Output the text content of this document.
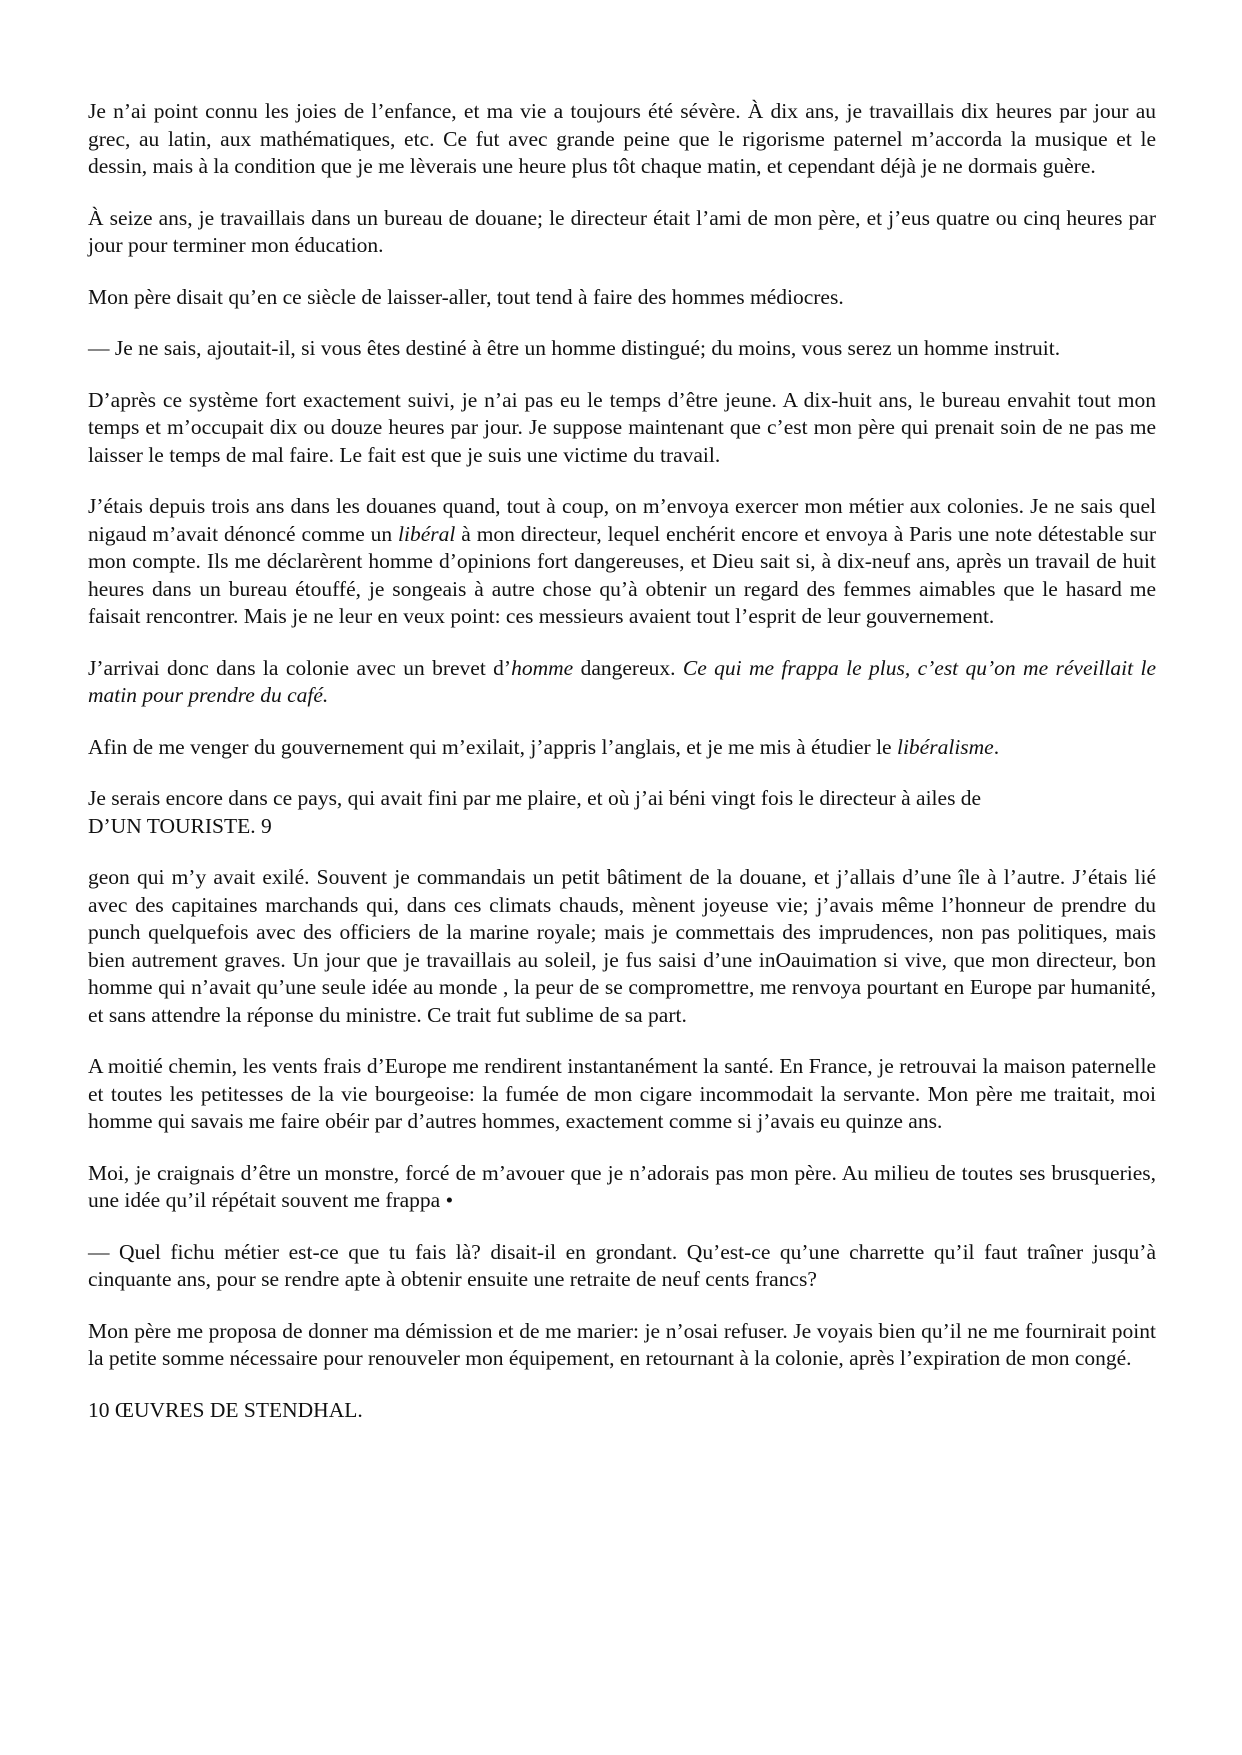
Je n’ai point connu les joies de l’enfance, et ma vie a toujours été sévère. À dix ans, je travaillais dix heures par jour au grec, au latin, aux mathématiques, etc. Ce fut avec grande peine que le rigorisme paternel m’accorda la musique et le dessin, mais à la condition que je me lèverais une heure plus tôt chaque matin, et cependant déjà je ne dormais guère.

À seize ans, je travaillais dans un bureau de douane; le directeur était l’ami de mon père, et j’eus quatre ou cinq heures par jour pour terminer mon éducation.

Mon père disait qu’en ce siècle de laisser-aller, tout tend à faire des hommes médiocres.

— Je ne sais, ajoutait-il, si vous êtes destiné à être un homme distingué; du moins, vous serez un homme instruit.

D’après ce système fort exactement suivi, je n’ai pas eu le temps d’être jeune. A dix-huit ans, le bureau envahit tout mon temps et m’occupait dix ou douze heures par jour. Je suppose maintenant que c’est mon père qui prenait soin de ne pas me laisser le temps de mal faire. Le fait est que je suis une victime du travail.

J’étais depuis trois ans dans les douanes quand, tout à coup, on m’envoya exercer mon métier aux colonies. Je ne sais quel nigaud m’avait dénoncé comme un libéral à mon directeur, lequel enchérit encore et envoya à Paris une note détestable sur mon compte. Ils me déclarèrent homme d’opinions fort dangereuses, et Dieu sait si, à dix-neuf ans, après un travail de huit heures dans un bureau étouffé, je songeais à autre chose qu’à obtenir un regard des femmes aimables que le hasard me faisait rencontrer. Mais je ne leur en veux point: ces messieurs avaient tout l’esprit de leur gouvernement.

J’arrivai donc dans la colonie avec un brevet d’homme dangereux. Ce qui me frappa le plus, c’est qu’on me réveillait le matin pour prendre du café.

Afin de me venger du gouvernement qui m’exilait, j’appris l’anglais, et je me mis à étudier le libéralisme.

Je serais encore dans ce pays, qui avait fini par me plaire, et où j’ai béni vingt fois le directeur à ailes de
D’UN TOURISTE. 9

geon qui m’y avait exilé. Souvent je commandais un petit bâtiment de la douane, et j’allais d’une île à l’autre. J’étais lié avec des capitaines marchands qui, dans ces climats chauds, mènent joyeuse vie; j’avais même l’honneur de prendre du punch quelquefois avec des officiers de la marine royale; mais je commettais des imprudences, non pas politiques, mais bien autrement graves. Un jour que je travaillais au soleil, je fus saisi d’une inOauimation si vive, que mon directeur, bon homme qui n’avait qu’une seule idée au monde , la peur de se compromettre, me renvoya pourtant en Europe par humanité, et sans attendre la réponse du ministre. Ce trait fut sublime de sa part.

A moitié chemin, les vents frais d’Europe me rendirent instantanément la santé. En France, je retrouvai la maison paternelle et toutes les petitesses de la vie bourgeoise: la fumée de mon cigare incommodait la servante. Mon père me traitait, moi homme qui savais me faire obéir par d’autres hommes, exactement comme si j’avais eu quinze ans.

Moi, je craignais d’être un monstre, forcé de m’avouer que je n’adorais pas mon père. Au milieu de toutes ses brusqueries, une idée qu’il répétait souvent me frappa •

— Quel fichu métier est-ce que tu fais là? disait-il en grondant. Qu’est-ce qu’une charrette qu’il faut traîner jusqu’à cinquante ans, pour se rendre apte à obtenir ensuite une retraite de neuf cents francs?

Mon père me proposa de donner ma démission et de me marier: je n’osai refuser. Je voyais bien qu’il ne me fournirait point la petite somme nécessaire pour renouveler mon équipement, en retournant à la colonie, après l’expiration de mon congé.

10 ŒUVRES DE STENDHAL.
